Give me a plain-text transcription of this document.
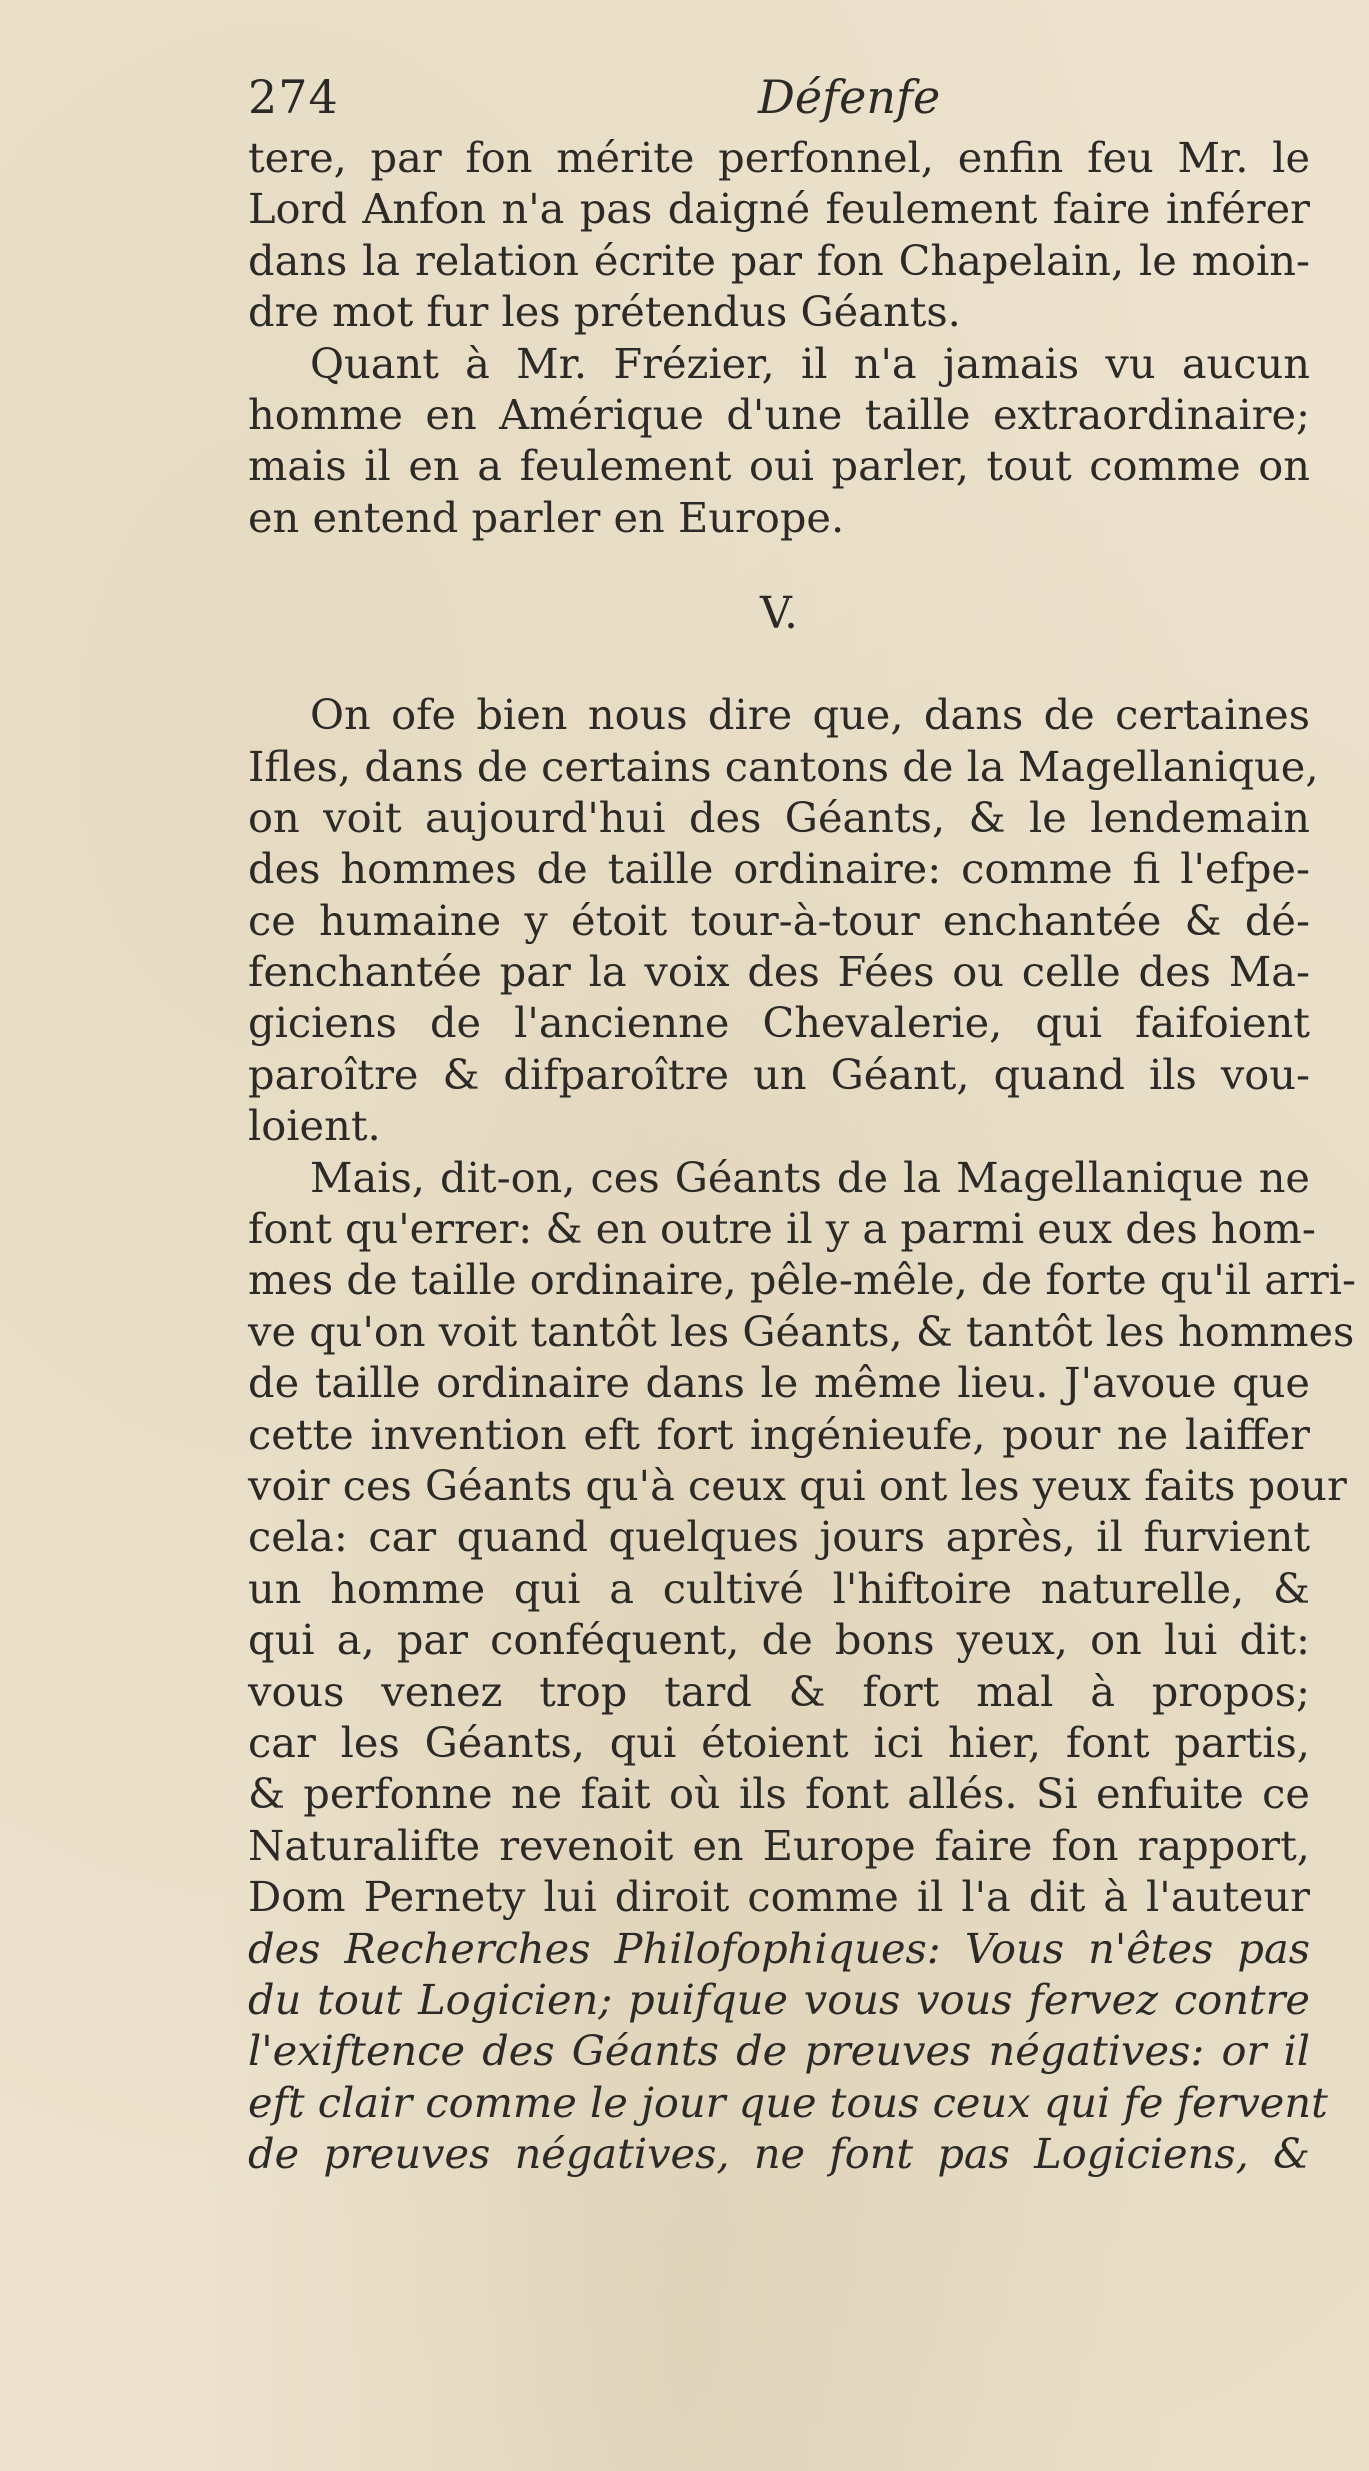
274	Défenfe
tere, par fon mérite perfonnel, enfin feu Mr. le
Lord Anfon n'a pas daigné feulement faire inférer
dans la relation écrite par fon Chapelain, le moin-
dre mot fur les prétendus Géants.
Quant à Mr. Frézier, il n'a jamais vu aucun
homme en Amérique d'une taille extraordinaire;
mais il en a feulement oui parler, tout comme on
en entend parler en Europe.
V.
On ofe bien nous dire que, dans de certaines
Ifles, dans de certains cantons de la Magellanique,
on voit aujourd'hui des Géants, & le lendemain
des hommes de taille ordinaire: comme fi l'efpe-
ce humaine y étoit tour-à-tour enchantée & dé-
fenchantée par la voix des Fées ou celle des Ma-
giciens de l'ancienne Chevalerie, qui faifoient
paroître & difparoître un Géant, quand ils vou-
loient.
Mais, dit-on, ces Géants de la Magellanique ne
font qu'errer: & en outre il y a parmi eux des hom-
mes de taille ordinaire, pêle-mêle, de forte qu'il arri-
ve qu'on voit tantôt les Géants, & tantôt les hommes
de taille ordinaire dans le même lieu. J'avoue que
cette invention eft fort ingénieufe, pour ne laiffer
voir ces Géants qu'à ceux qui ont les yeux faits pour
cela: car quand quelques jours après, il furvient
un homme qui a cultivé l'hiftoire naturelle, &
qui a, par conféquent, de bons yeux, on lui dit:
vous venez trop tard & fort mal à propos;
car les Géants, qui étoient ici hier, font partis,
& perfonne ne fait où ils font allés. Si enfuite ce
Naturalifte revenoit en Europe faire fon rapport,
Dom Pernety lui diroit comme il l'a dit à l'auteur
des Recherches Philofophiques: Vous n'êtes pas
du tout Logicien; puifque vous vous fervez contre
l'exiftence des Géants de preuves négatives: or il
eft clair comme le jour que tous ceux qui fe fervent
de preuves négatives, ne font pas Logiciens, &
